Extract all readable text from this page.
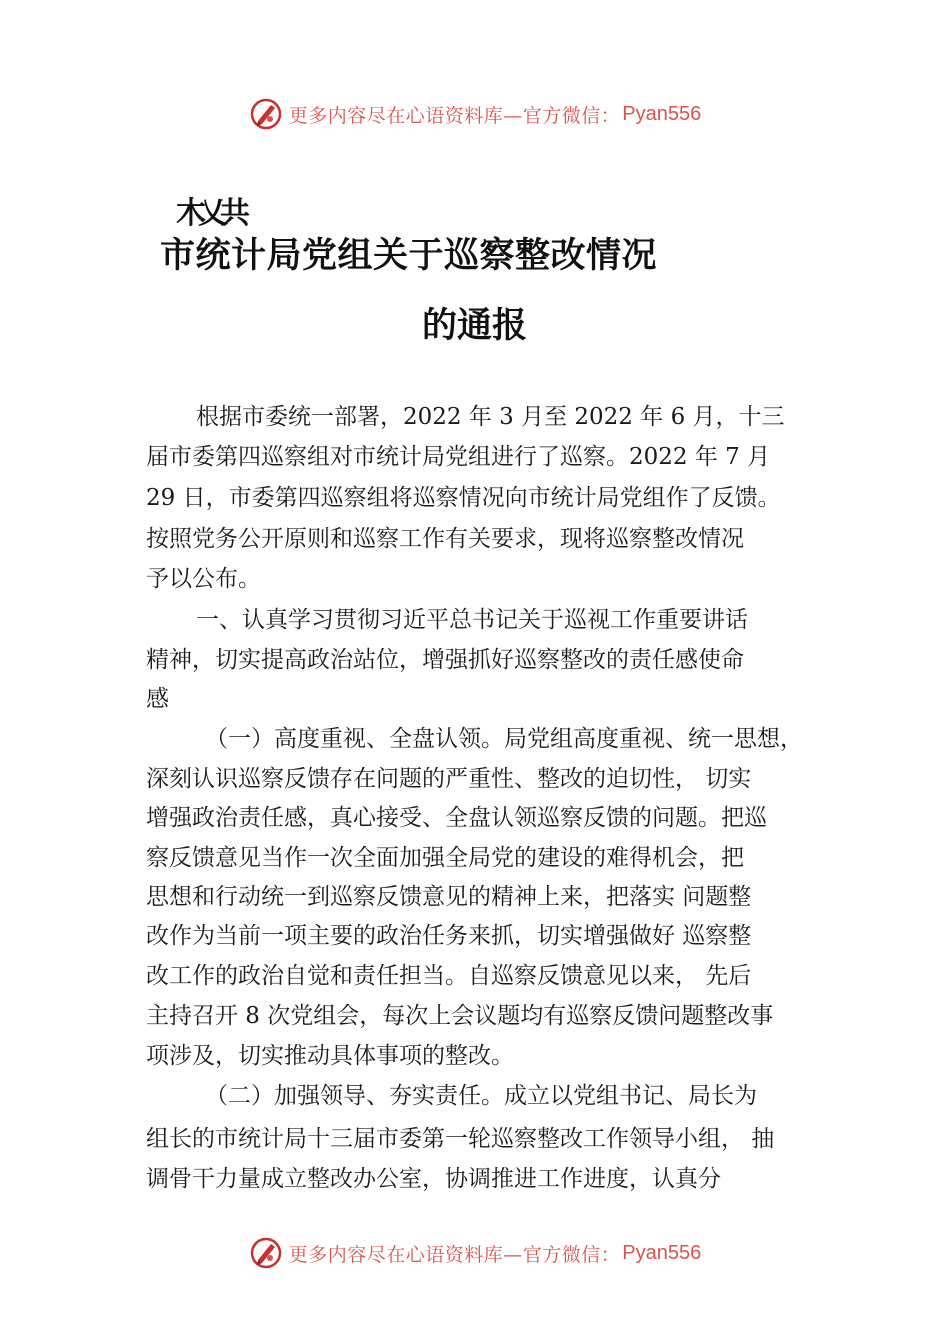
更多内容尽在心语资料库—官方微信： Pyan556
木乂共
市统计局党组关于巡察整改情况
的通报
根据市委统一部署，2022 年 3 月至 2022 年 6 月，十三
届市委第四巡察组对市统计局党组进行了巡察。2022 年 7 月
29 日，市委第四巡察组将巡察情况向市统计局党组作了反馈。
按照党务公开原则和巡察工作有关要求，现将巡察整改情况
予以公布。
一、认真学习贯彻习近平总书记关于巡视工作重要讲话
精神，切实提高政治站位，增强抓好巡察整改的责任感使命
感
（一）高度重视、全盘认领。局党组高度重视、统一思想，
深刻认识巡察反馈存在问题的严重性、整改的迫切性， 切实
增强政治责任感，真心接受、全盘认领巡察反馈的问题。把巡
察反馈意见当作一次全面加强全局党的建设的难得机会，把
思想和行动统一到巡察反馈意见的精神上来，把落实 问题整
改作为当前一项主要的政治任务来抓，切实增强做好 巡察整
改工作的政治自觉和责任担当。自巡察反馈意见以来， 先后
主持召开 8 次党组会，每次上会议题均有巡察反馈问题整改事
项涉及，切实推动具体事项的整改。
（二）加强领导、夯实责任。成立以党组书记、局长为
组长的市统计局十三届市委第一轮巡察整改工作领导小组， 抽
调骨干力量成立整改办公室，协调推进工作进度，认真分
更多内容尽在心语资料库—官方微信： Pyan556
